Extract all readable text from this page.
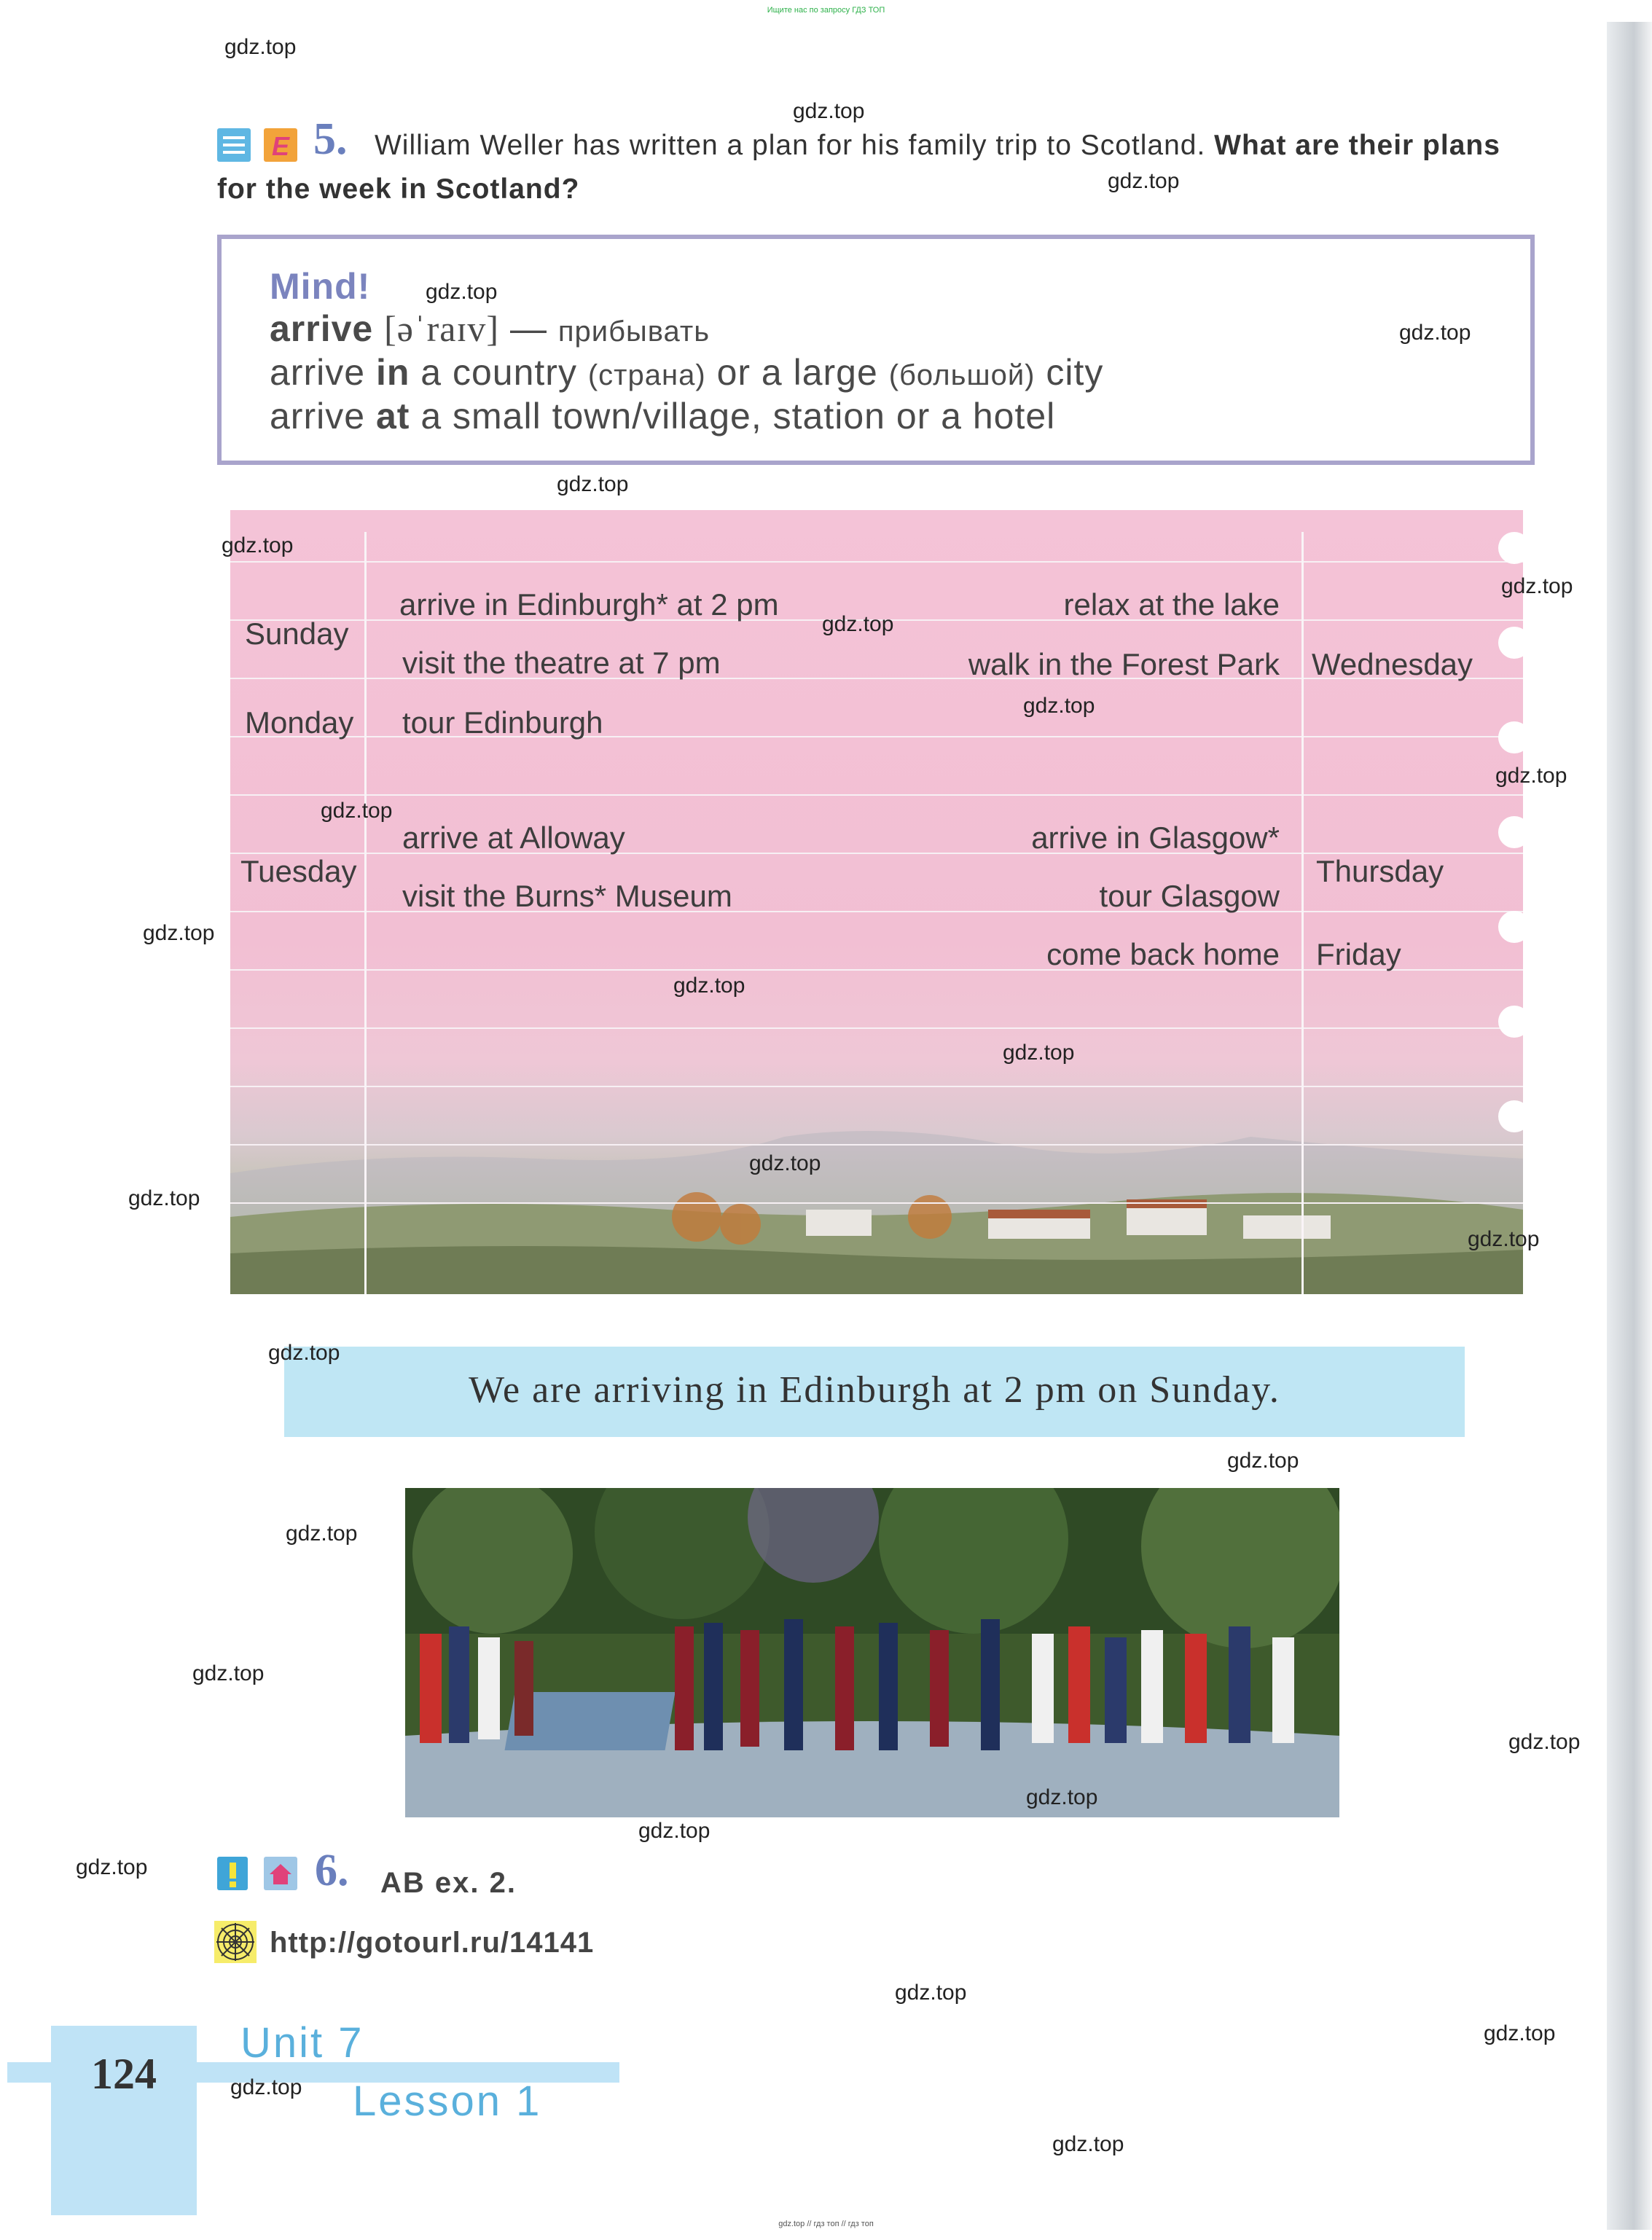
Ищите нас по запросу ГДЗ ТОП
E 5. William Weller has written a plan for his family trip to Scotland. What are their plans for the week in Scotland?
Mind!
arrive [əˈraɪv] — прибывать
arrive in a country (страна) or a large (большой) city
arrive at a small town/village, station or a hotel
Sunday
Monday
Tuesday
arrive in Edinburgh* at 2 pm
visit the theatre at 7 pm
tour Edinburgh
arrive at Alloway
visit the Burns* Museum
relax at the lake
walk in the Forest Park
arrive in Glasgow*
tour Glasgow
come back home
Wednesday
Thursday
Friday
We are arriving in Edinburgh at 2 pm on Sunday.
6. AB ex. 2.
http://gotourl.ru/14141
124
Unit 7
Lesson 1
gdz.top
gdz.top
gdz.top
gdz.top
gdz.top
gdz.top
gdz.top
gdz.top
gdz.top
gdz.top
gdz.top
gdz.top
gdz.top
gdz.top
gdz.top
gdz.top
gdz.top
gdz.top
gdz.top
gdz.top
gdz.top
gdz.top
gdz.top
gdz.top
gdz.top
gdz.top
gdz.top
gdz.top
gdz.top
gdz.top
gdz.top // гдз топ // гдз топ
